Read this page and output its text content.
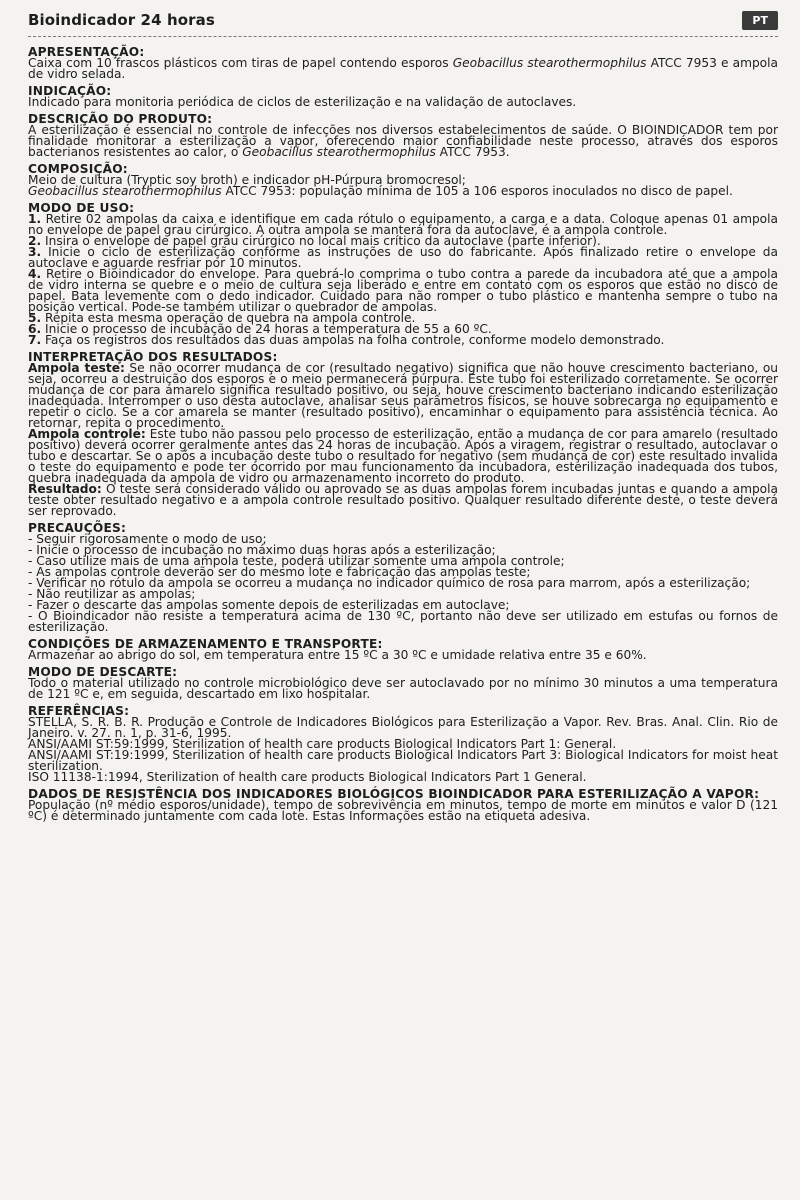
Bioindicador 24 horas	PT
APRESENTAÇÃO:

Caixa com 10 frascos plásticos com tiras de papel contendo esporos Geobacillus stearothermophilus ATCC 7953 e ampola de vidro selada.

INDICAÇÃO:

Indicado para monitoria periódica de ciclos de esterilização e na validação de autoclaves.

DESCRIÇÃO DO PRODUTO:

A esterilização é essencial no controle de infecções nos diversos estabelecimentos de saúde. O BIOINDICADOR tem por finalidade monitorar a esterilização a vapor, oferecendo maior confiabilidade neste processo, através dos esporos bacterianos resistentes ao calor, o Geobacillus stearothermophilus ATCC 7953.

COMPOSIÇÃO:

Meio de cultura (Tryptic soy broth) e indicador pH-Púrpura bromocresol;

Geobacillus stearothermophilus ATCC 7953: população mínima de 105 a 106 esporos inoculados no disco de papel.

MODO DE USO:

1. Retire 02 ampolas da caixa e identifique em cada rótulo o equipamento, a carga e a data. Coloque apenas 01 ampola no envelope de papel grau cirúrgico. A outra ampola se manterá fora da autoclave, é a ampola controle.

2. Insira o envelope de papel grau cirúrgico no local mais crítico da autoclave (parte inferior).

3. Inicie o ciclo de esterilização conforme as instruções de uso do fabricante. Após finalizado retire o envelope da autoclave e aguarde resfriar por 10 minutos.

4. Retire o Bioindicador do envelope. Para quebrá-lo comprima o tubo contra a parede da incubadora até que a ampola de vidro interna se quebre e o meio de cultura seja liberado e entre em contato com os esporos que estão no disco de papel. Bata levemente com o dedo indicador. Cuidado para não romper o tubo plástico e mantenha sempre o tubo na posição vertical. Pode-se também utilizar o quebrador de ampolas.

5. Repita esta mesma operação de quebra na ampola controle.

6. Inicie o processo de incubação de 24 horas a temperatura de 55 a 60 ºC.

7. Faça os registros dos resultados das duas ampolas na folha controle, conforme modelo demonstrado.

INTERPRETAÇÃO DOS RESULTADOS:

Ampola teste: Se não ocorrer mudança de cor (resultado negativo) significa que não houve crescimento bacteriano, ou seja, ocorreu a destruição dos esporos e o meio permanecerá púrpura. Este tubo foi esterilizado corretamente. Se ocorrer mudança de cor para amarelo significa resultado positivo, ou seja, houve crescimento bacteriano indicando esterilização inadequada. Interromper o uso desta autoclave, analisar seus parâmetros físicos, se houve sobrecarga no equipamento e repetir o ciclo. Se a cor amarela se manter (resultado positivo), encaminhar o equipamento para assistência técnica. Ao retornar, repita o procedimento.

Ampola controle: Este tubo não passou pelo processo de esterilização, então a mudança de cor para amarelo (resultado positivo) deverá ocorrer geralmente antes das 24 horas de incubação. Após a viragem, registrar o resultado, autoclavar o tubo e descartar. Se o após a incubação deste tubo o resultado for negativo (sem mudança de cor) este resultado invalida o teste do equipamento e pode ter ocorrido por mau funcionamento da incubadora, esterilização inadequada dos tubos, quebra inadequada da ampola de vidro ou armazenamento incorreto do produto.

Resultado: O teste será considerado válido ou aprovado se as duas ampolas forem incubadas juntas e quando a ampola teste obter resultado negativo e a ampola controle resultado positivo. Qualquer resultado diferente deste, o teste deverá ser reprovado.

PRECAUÇÕES:

- Seguir rigorosamente o modo de uso;

- Inicie o processo de incubação no máximo duas horas após a esterilização;

- Caso utilize mais de uma ampola teste, poderá utilizar somente uma ampola controle;

- As ampolas controle deverão ser do mesmo lote e fabricação das ampolas teste;

- Verificar no rótulo da ampola se ocorreu a mudança no indicador químico de rosa para marrom, após a esterilização;

- Não reutilizar as ampolas;

- Fazer o descarte das ampolas somente depois de esterilizadas em autoclave;

- O Bioindicador não resiste a temperatura acima de 130 ºC, portanto não deve ser utilizado em estufas ou fornos de esterilização.

CONDIÇÕES DE ARMAZENAMENTO E TRANSPORTE:

Armazenar ao abrigo do sol, em temperatura entre 15 ºC a 30 ºC e umidade relativa entre 35 e 60%.

MODO DE DESCARTE:

Todo o material utilizado no controle microbiológico deve ser autoclavado por no mínimo 30 minutos a uma temperatura de 121 ºC e, em seguida, descartado em lixo hospitalar.

REFERÊNCIAS:

STELLA, S. R. B. R. Produção e Controle de Indicadores Biológicos para Esterilização a Vapor. Rev. Bras. Anal. Clin. Rio de Janeiro. v. 27. n. 1, p. 31-6, 1995.

ANSI/AAMI ST:59:1999, Sterilization of health care products Biological Indicators Part 1: General.

ANSI/AAMI ST:19:1999, Sterilization of health care products Biological Indicators Part 3: Biological Indicators for moist heat sterilization.

ISO 11138-1:1994, Sterilization of health care products Biological Indicators Part 1 General.

DADOS DE RESISTÊNCIA DOS INDICADORES BIOLÓGICOS BIOINDICADOR PARA ESTERILIZAÇÃO A VAPOR:

População (nº médio esporos/unidade), tempo de sobrevivência em minutos, tempo de morte em minutos e valor D (121 ºC) é determinado juntamente com cada lote. Estas Informações estão na etiqueta adesiva.
